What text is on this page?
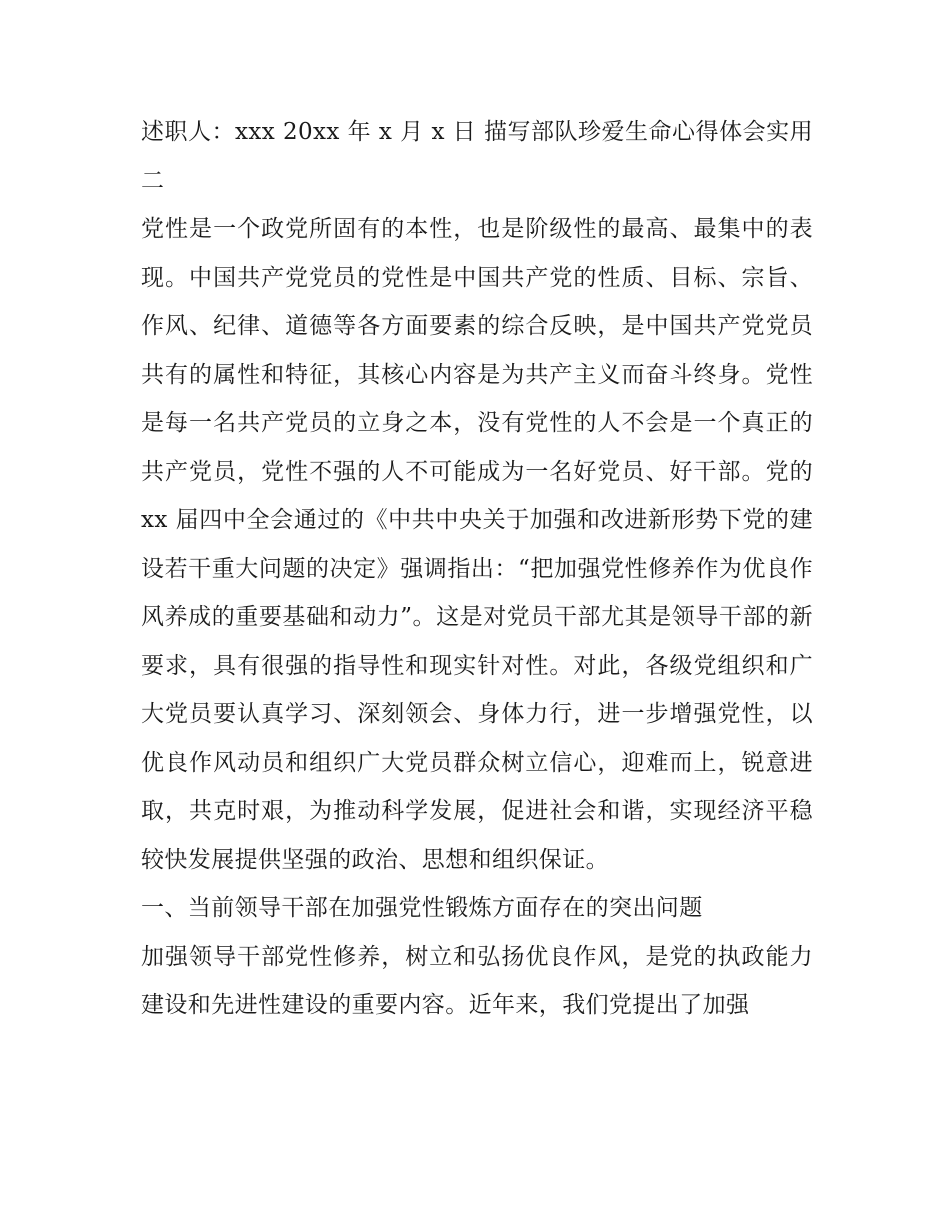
述职人：xxx 20xx 年 x 月 x 日 描写部队珍爱生命心得体会实用二

党性是一个政党所固有的本性，也是阶级性的最高、最集中的表现。中国共产党党员的党性是中国共产党的性质、目标、宗旨、作风、纪律、道德等各方面要素的综合反映，是中国共产党党员共有的属性和特征，其核心内容是为共产主义而奋斗终身。党性是每一名共产党员的立身之本，没有党性的人不会是一个真正的共产党员，党性不强的人不可能成为一名好党员、好干部。党的 xx 届四中全会通过的《中共中央关于加强和改进新形势下党的建设若干重大问题的决定》强调指出：“把加强党性修养作为优良作风养成的重要基础和动力”。这是对党员干部尤其是领导干部的新要求，具有很强的指导性和现实针对性。对此，各级党组织和广大党员要认真学习、深刻领会、身体力行，进一步增强党性，以优良作风动员和组织广大党员群众树立信心，迎难而上，锐意进取，共克时艰，为推动科学发展，促进社会和谐，实现经济平稳较快发展提供坚强的政治、思想和组织保证。

一、当前领导干部在加强党性锻炼方面存在的突出问题

加强领导干部党性修养，树立和弘扬优良作风，是党的执政能力建设和先进性建设的重要内容。近年来，我们党提出了加强
